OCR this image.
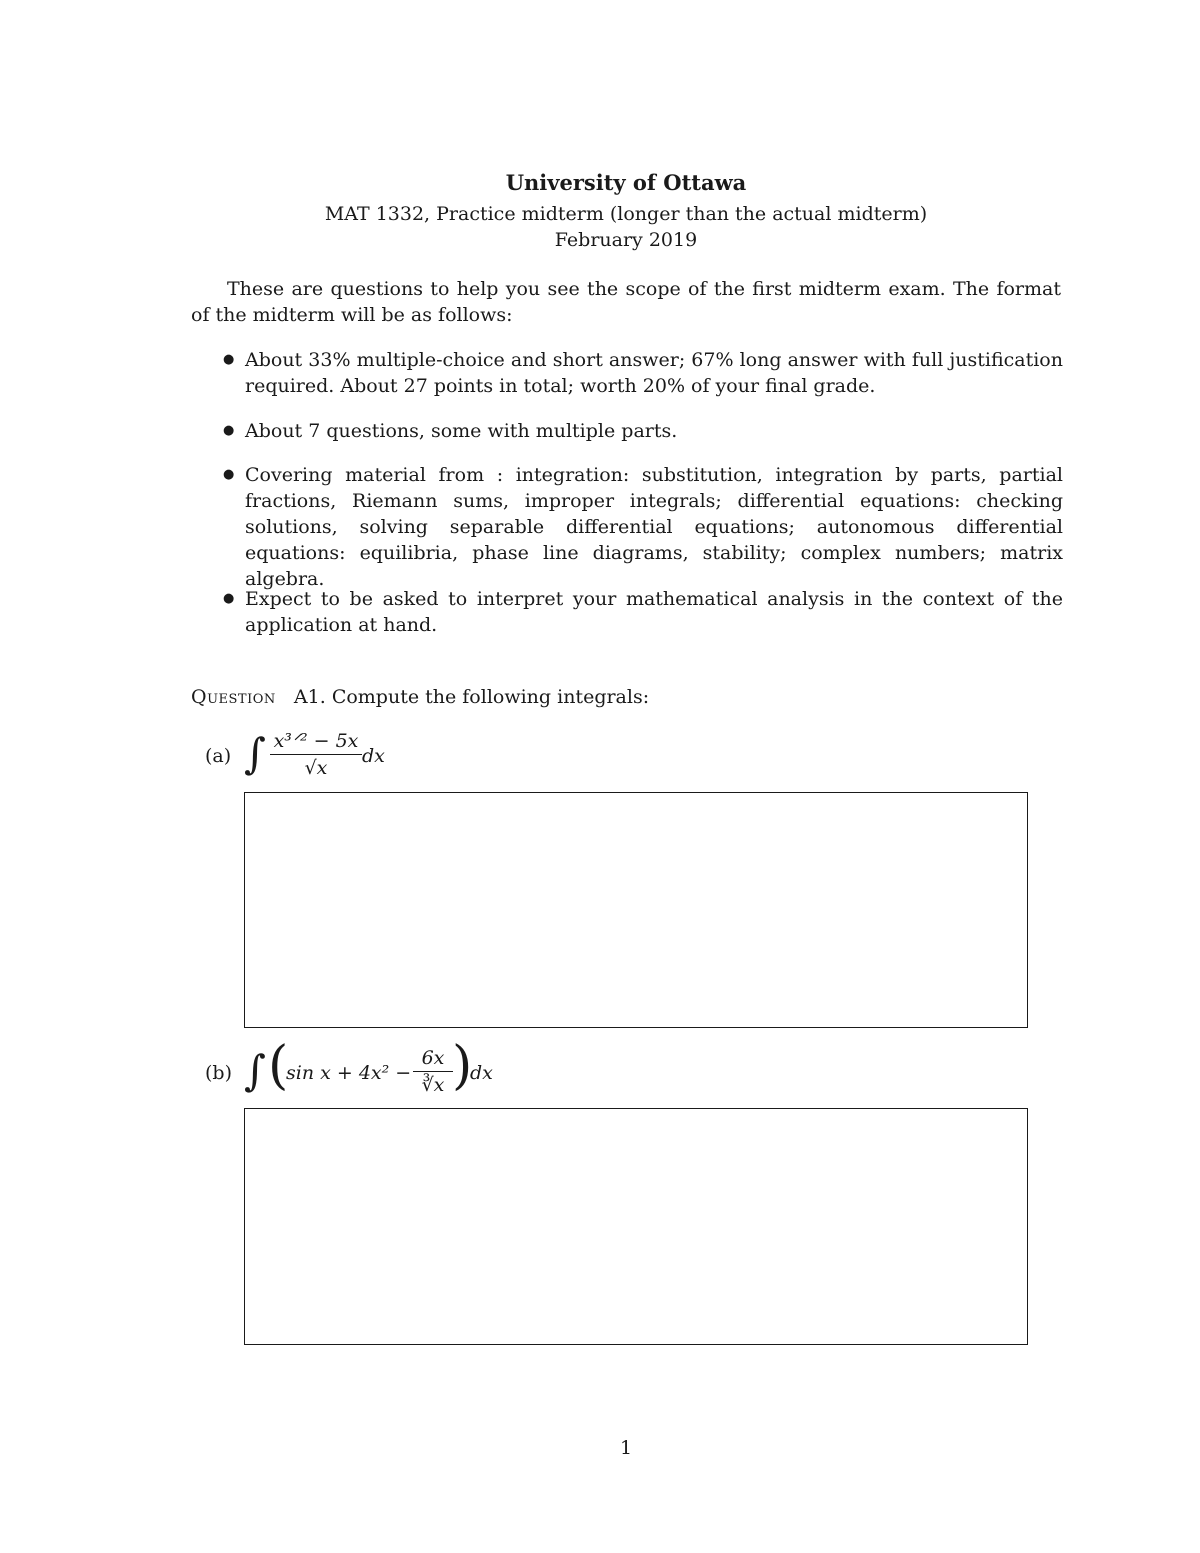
University of Ottawa
MAT 1332, Practice midterm (longer than the actual midterm)
February 2019
These are questions to help you see the scope of the first midterm exam. The format of the midterm will be as follows:
● About 33% multiple-choice and short answer; 67% long answer with full justification required. About 27 points in total; worth 20% of your final grade.
● About 7 questions, some with multiple parts.
● Covering material from : integration: substitution, integration by parts, partial fractions, Riemann sums, improper integrals; differential equations: checking solutions, solving separable differential equations; autonomous differential equations: equilibria, phase line diagrams, stability; complex numbers; matrix algebra.
● Expect to be asked to interpret your mathematical analysis in the context of the application at hand.
Question A1. Compute the following integrals:
(a) ∫ x³ᐟ² − 5x
√x
dx
(b) ∫ (
sin x + 4x² −
6x
∛x )
dx
1
